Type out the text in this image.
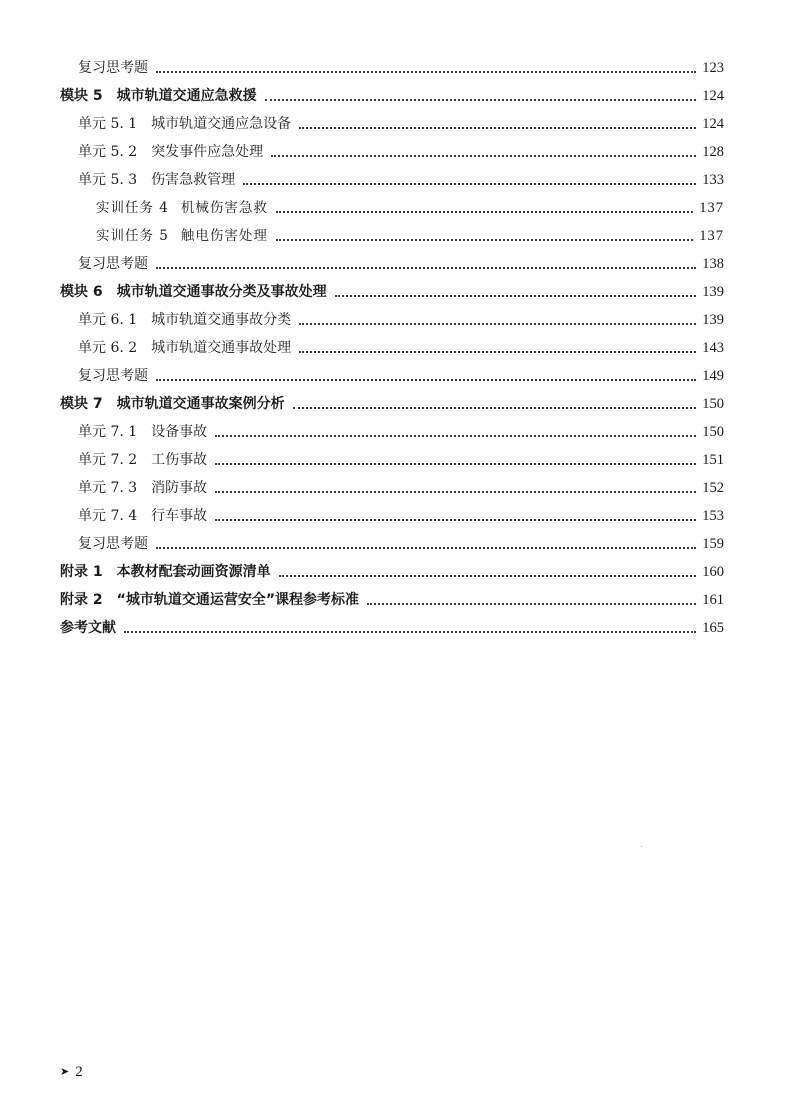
复习思考题	123
模块 5 城市轨道交通应急救援	124
单元 5. 1 城市轨道交通应急设备	124
单元 5. 2 突发事件应急处理	128
单元 5. 3 伤害急救管理	133
实训任务 4 机械伤害急救	137
实训任务 5 触电伤害处理	137
复习思考题	138
模块 6 城市轨道交通事故分类及事故处理	139
单元 6. 1 城市轨道交通事故分类	139
单元 6. 2 城市轨道交通事故处理	143
复习思考题	149
模块 7 城市轨道交通事故案例分析	150
单元 7. 1 设备事故	150
单元 7. 2 工伤事故	151
单元 7. 3 消防事故	152
单元 7. 4 行车事故	153
复习思考题	159
附录 1 本教材配套动画资源清单	160
附录 2 “城市轨道交通运营安全”课程参考标准	161
参考文献	165
➤ 2
